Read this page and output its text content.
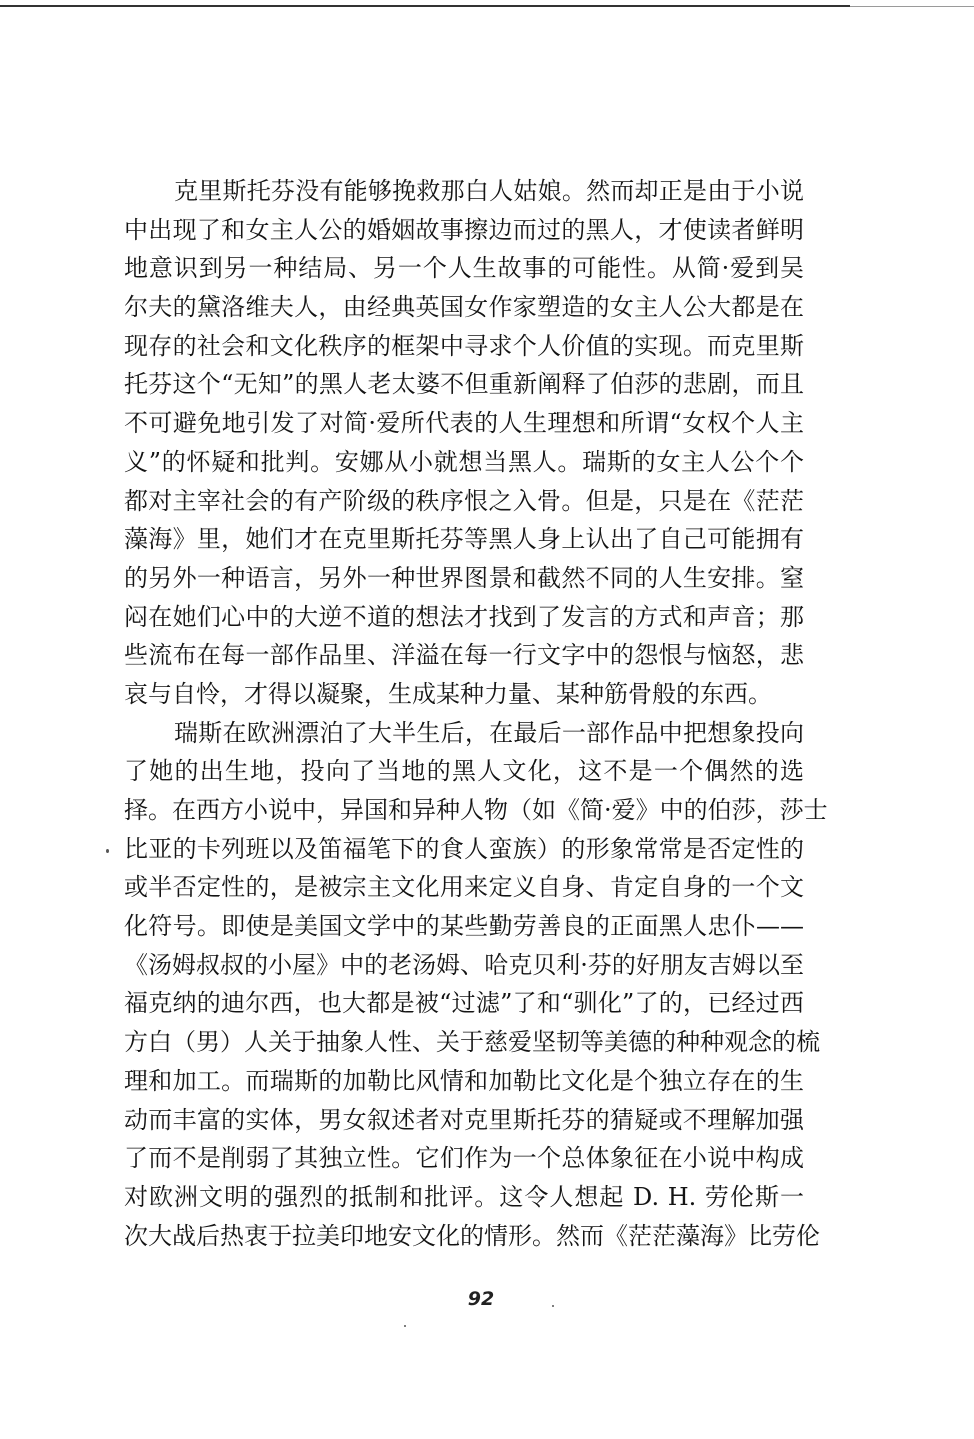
克里斯托芬没有能够挽救那白人姑娘。然而却正是由于小说
中出现了和女主人公的婚姻故事擦边而过的黑人，才使读者鲜明
地意识到另一种结局、另一个人生故事的可能性。从简·爱到吴
尔夫的黛洛维夫人，由经典英国女作家塑造的女主人公大都是在
现存的社会和文化秩序的框架中寻求个人价值的实现。而克里斯
托芬这个“无知”的黑人老太婆不但重新阐释了伯莎的悲剧，而且
不可避免地引发了对简·爱所代表的人生理想和所谓“女权个人主
义”的怀疑和批判。安娜从小就想当黑人。瑞斯的女主人公个个
都对主宰社会的有产阶级的秩序恨之入骨。但是，只是在《茫茫
藻海》里，她们才在克里斯托芬等黑人身上认出了自己可能拥有
的另外一种语言，另外一种世界图景和截然不同的人生安排。窒
闷在她们心中的大逆不道的想法才找到了发言的方式和声音；那
些流布在每一部作品里、洋溢在每一行文字中的怨恨与恼怒，悲
哀与自怜，才得以凝聚，生成某种力量、某种筋骨般的东西。
瑞斯在欧洲漂泊了大半生后，在最后一部作品中把想象投向
了她的出生地，投向了当地的黑人文化，这不是一个偶然的选
择。在西方小说中，异国和异种人物（如《简·爱》中的伯莎，莎士
比亚的卡列班以及笛福笔下的食人蛮族）的形象常常是否定性的
或半否定性的，是被宗主文化用来定义自身、肯定自身的一个文
化符号。即使是美国文学中的某些勤劳善良的正面黑人忠仆——
《汤姆叔叔的小屋》中的老汤姆、哈克贝利·芬的好朋友吉姆以至
福克纳的迪尔西，也大都是被“过滤”了和“驯化”了的，已经过西
方白（男）人关于抽象人性、关于慈爱坚韧等美德的种种观念的梳
理和加工。而瑞斯的加勒比风情和加勒比文化是个独立存在的生
动而丰富的实体，男女叙述者对克里斯托芬的猜疑或不理解加强
了而不是削弱了其独立性。它们作为一个总体象征在小说中构成
对欧洲文明的强烈的抵制和批评。这令人想起 D. H. 劳伦斯一
次大战后热衷于拉美印地安文化的情形。然而《茫茫藻海》比劳伦
92
